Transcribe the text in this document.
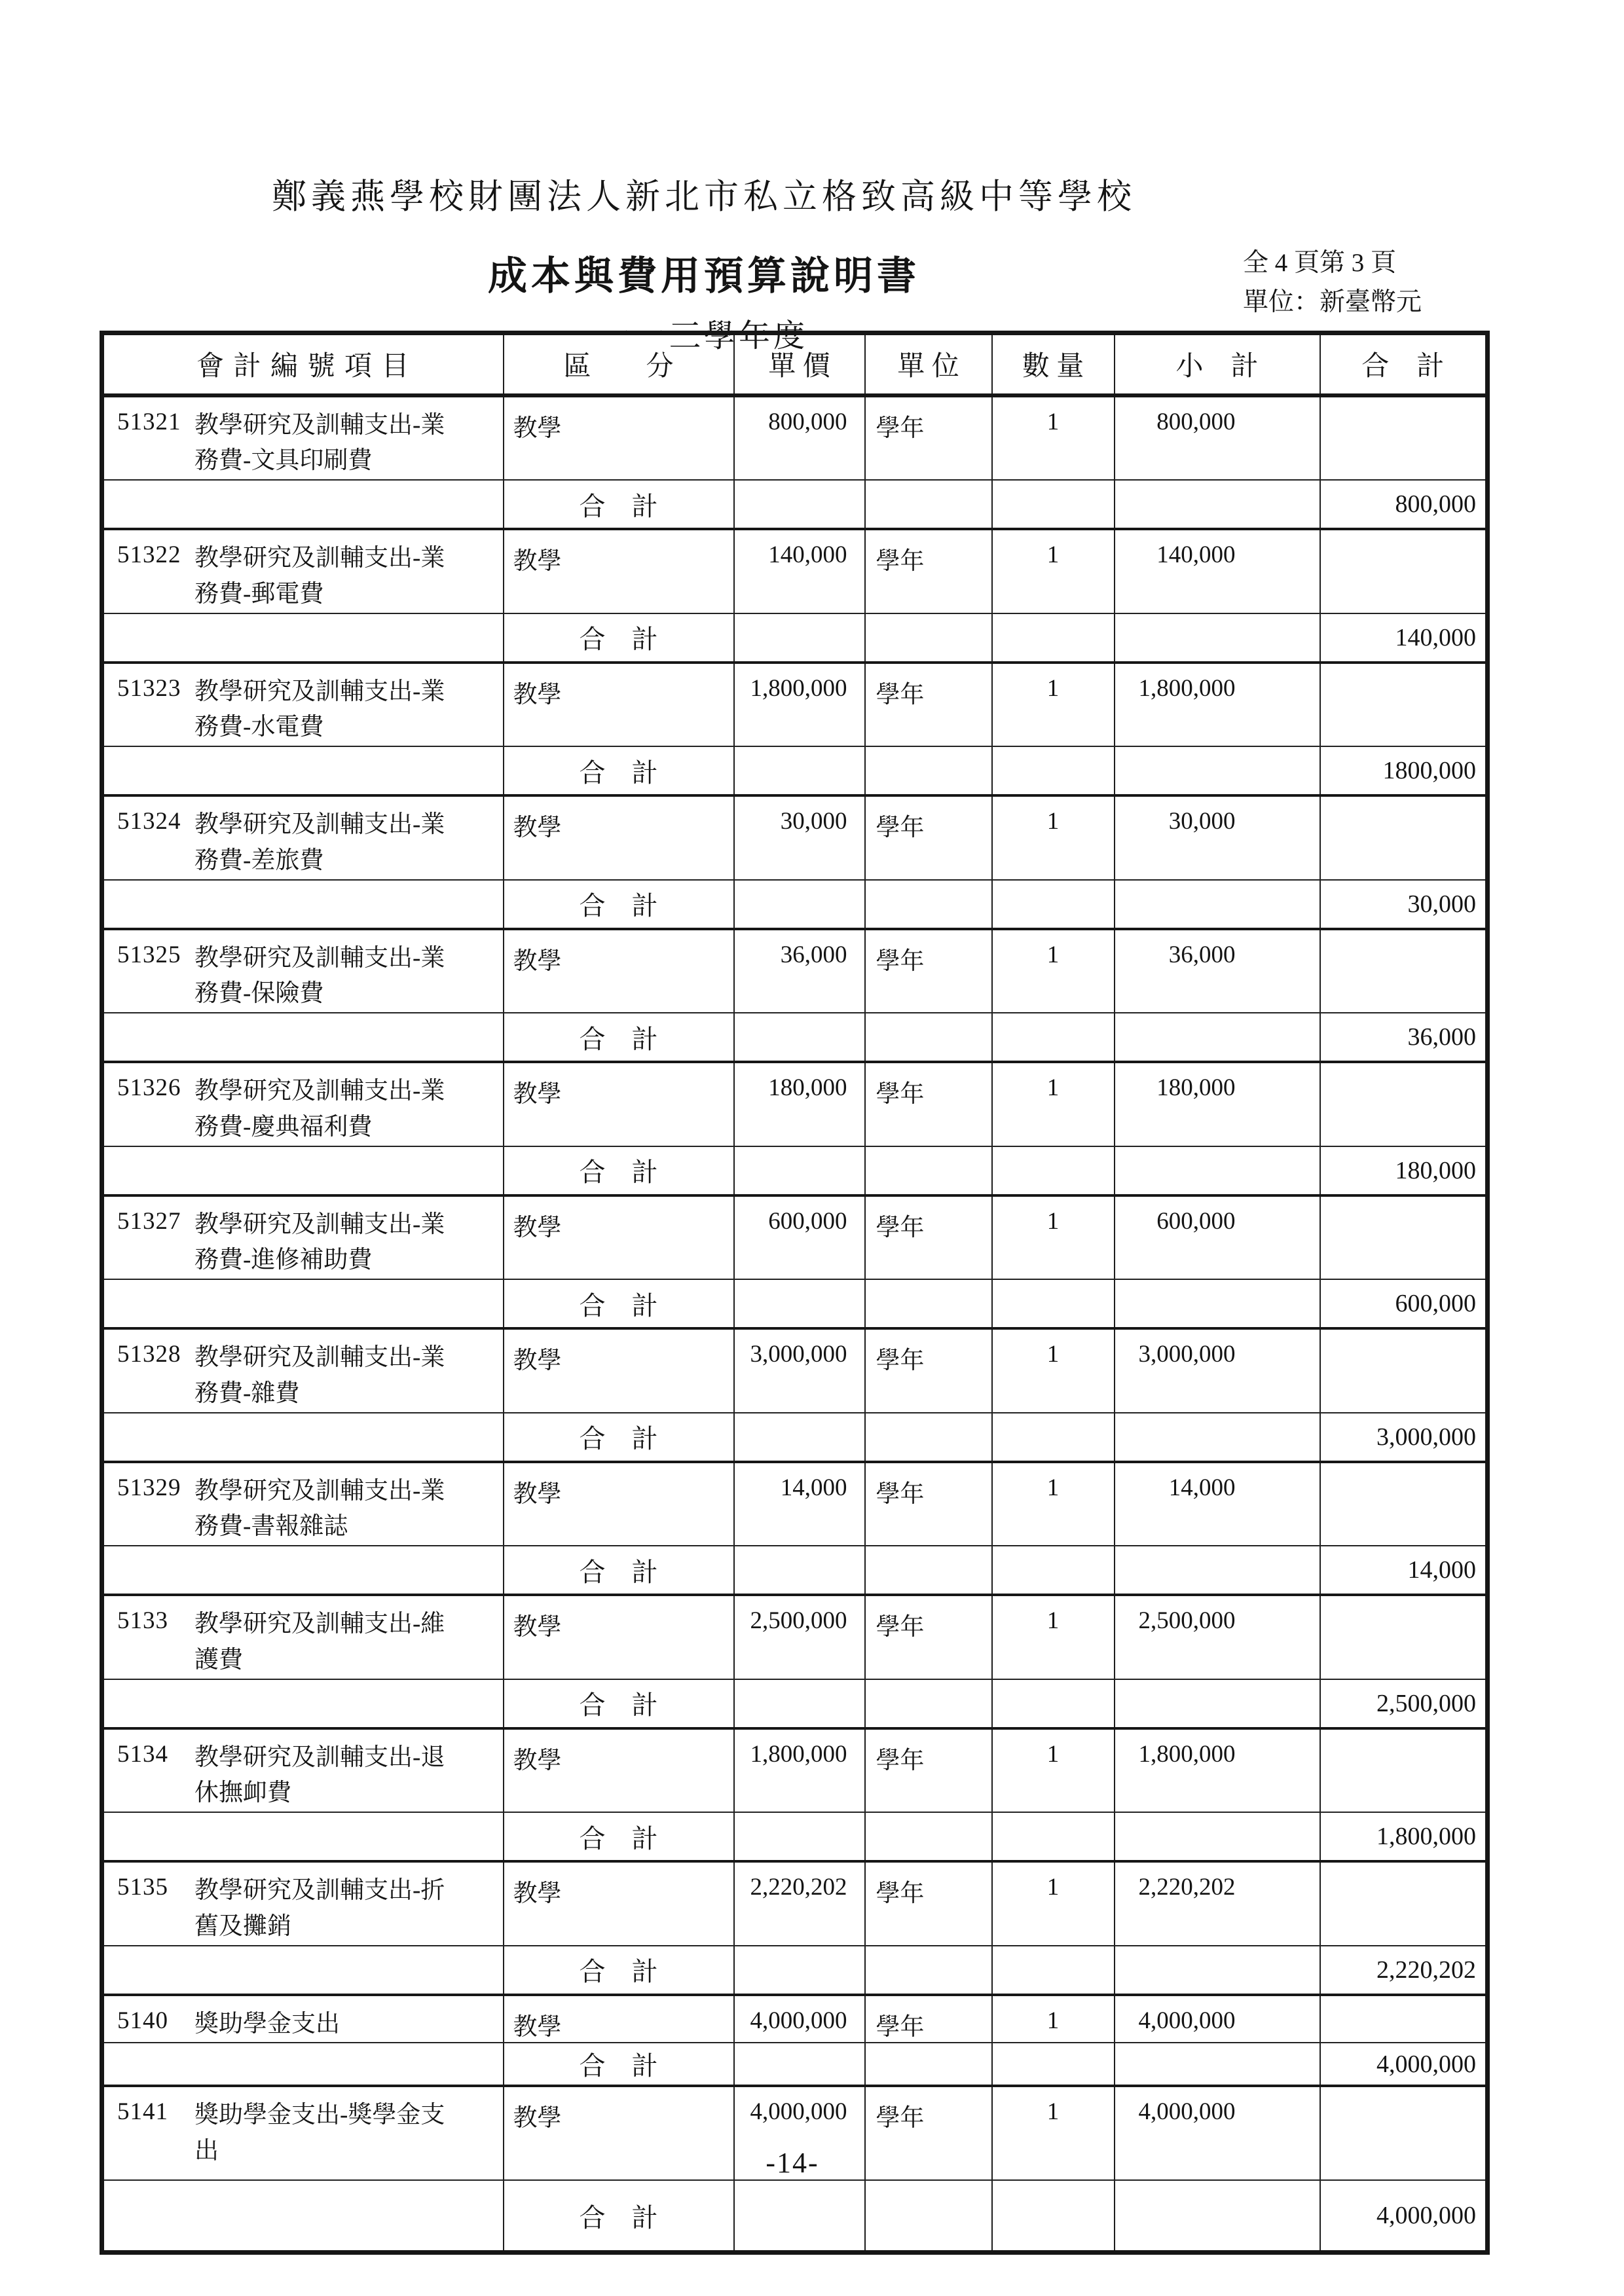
鄭義燕學校財團法人新北市私立格致高級中等學校
成本與費用預算說明書
一一三學年度
全 4 頁第 3 頁
單位：新臺幣元
會 計 編 號 項 目	區　　分	單 價	單 位	數 量	小　計	合　計

51321 教學研究及訓輔支出-業
務費-文具印刷費	教學	800,000	學年	1	800,000	
	合　計					800,000

51322 教學研究及訓輔支出-業
務費-郵電費	教學	140,000	學年	1	140,000	
	合　計					140,000

51323 教學研究及訓輔支出-業
務費-水電費	教學	1,800,000	學年	1	1,800,000	
	合　計					1800,000

51324 教學研究及訓輔支出-業
務費-差旅費	教學	30,000	學年	1	30,000	
	合　計					30,000

51325 教學研究及訓輔支出-業
務費-保險費	教學	36,000	學年	1	36,000	
	合　計					36,000

51326 教學研究及訓輔支出-業
務費-慶典福利費	教學	180,000	學年	1	180,000	
	合　計					180,000

51327 教學研究及訓輔支出-業
務費-進修補助費	教學	600,000	學年	1	600,000	
	合　計					600,000

51328 教學研究及訓輔支出-業
務費-雜費	教學	3,000,000	學年	1	3,000,000	
	合　計					3,000,000

51329 教學研究及訓輔支出-業
務費-書報雜誌	教學	14,000	學年	1	14,000	
	合　計					14,000

5133 教學研究及訓輔支出-維
護費	教學	2,500,000	學年	1	2,500,000	
	合　計					2,500,000

5134 教學研究及訓輔支出-退
休撫卹費	教學	1,800,000	學年	1	1,800,000	
	合　計					1,800,000

5135 教學研究及訓輔支出-折
舊及攤銷	教學	2,220,202	學年	1	2,220,202	
	合　計					2,220,202

5140 獎助學金支出	教學	4,000,000	學年	1	4,000,000	
	合　計					4,000,000

5141 獎助學金支出-獎學金支
出	教學	4,000,000	學年	1	4,000,000	
	合　計					4,000,000
-14-
